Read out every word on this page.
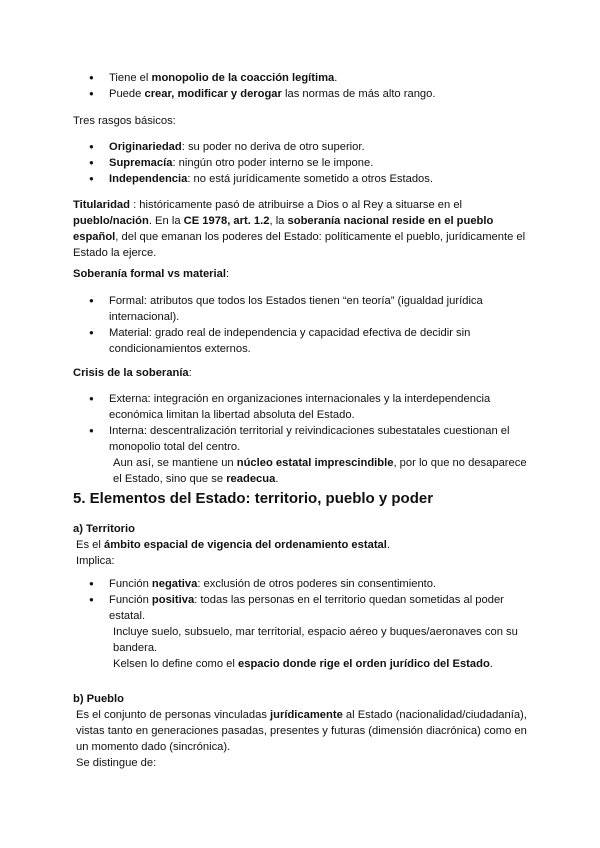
● Tiene el monopolio de la coacción legítima.
● Puede crear, modificar y derogar las normas de más alto rango.
Tres rasgos básicos:
● Originariedad: su poder no deriva de otro superior.
● Supremacía: ningún otro poder interno se le impone.
● Independencia: no está jurídicamente sometido a otros Estados.
Titularidad : históricamente pasó de atribuirse a Dios o al Rey a situarse en el pueblo/nación. En la CE 1978, art. 1.2, la soberanía nacional reside en el pueblo español, del que emanan los poderes del Estado: políticamente el pueblo, jurídicamente el Estado la ejerce.
Soberanía formal vs material:
● Formal: atributos que todos los Estados tienen “en teoría” (igualdad jurídica internacional).
● Material: grado real de independencia y capacidad efectiva de decidir sin condicionamientos externos.
Crisis de la soberanía:
● Externa: integración en organizaciones internacionales y la interdependencia económica limitan la libertad absoluta del Estado.
● Interna: descentralización territorial y reivindicaciones subestatales cuestionan el monopolio total del centro.
Aun así, se mantiene un núcleo estatal imprescindible, por lo que no desaparece el Estado, sino que se readecua.
5. Elementos del Estado: territorio, pueblo y poder
a) Territorio
Es el ámbito espacial de vigencia del ordenamiento estatal.
Implica:
● Función negativa: exclusión de otros poderes sin consentimiento.
● Función positiva: todas las personas en el territorio quedan sometidas al poder estatal.
Incluye suelo, subsuelo, mar territorial, espacio aéreo y buques/aeronaves con su bandera.
Kelsen lo define como el espacio donde rige el orden jurídico del Estado.
b) Pueblo
Es el conjunto de personas vinculadas jurídicamente al Estado (nacionalidad/ciudadanía), vistas tanto en generaciones pasadas, presentes y futuras (dimensión diacrónica) como en un momento dado (sincrónica).
Se distingue de:
